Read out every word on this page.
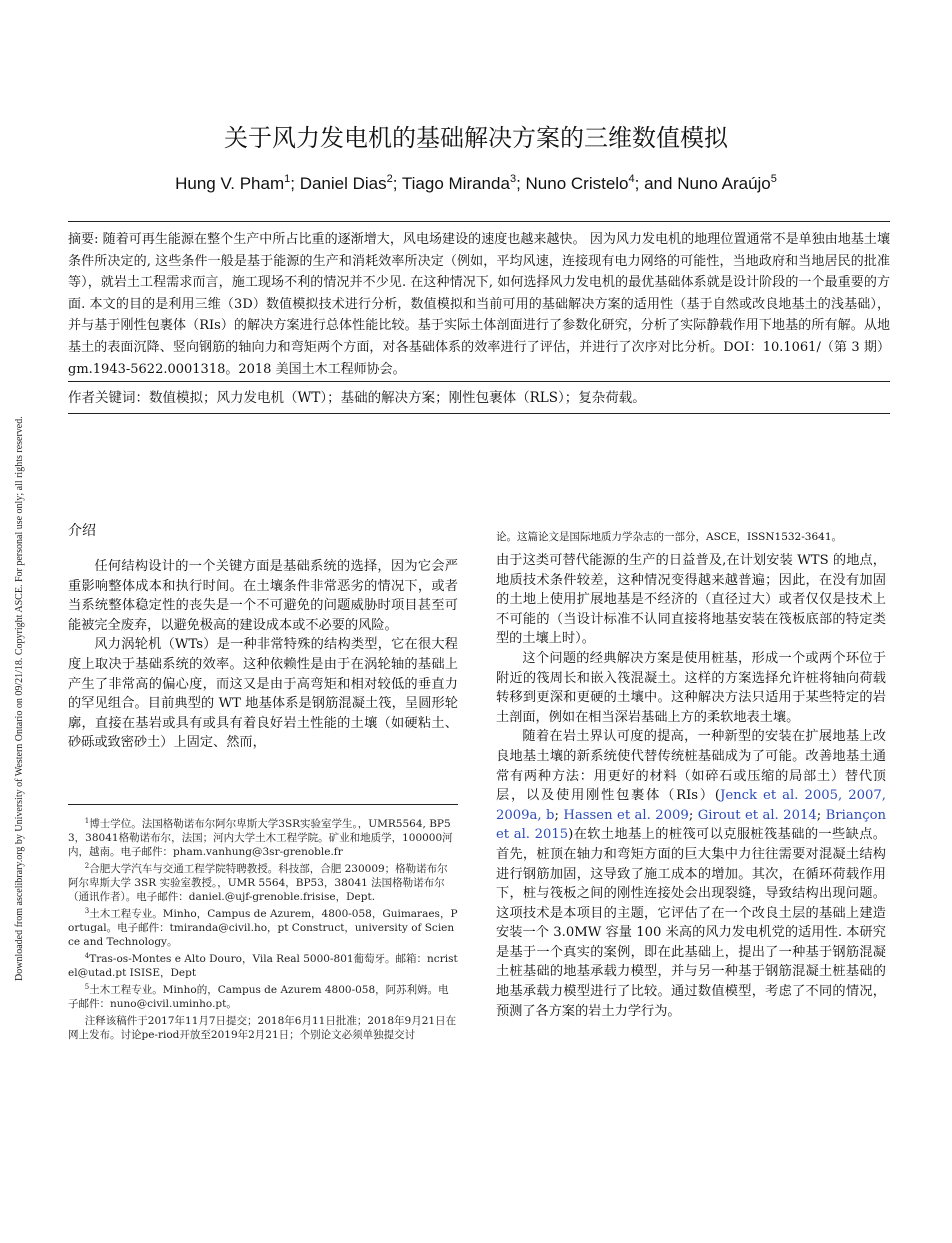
Downloaded from ascelibrary.org by University of Western Ontario on 09/21/18. Copyright ASCE. For personal use only; all rights reserved.
关于风力发电机的基础解决方案的三维数值模拟
Hung V. Pham$^1$; Daniel Dias$^2$; Tiago Miranda$^3$; Nuno Cristelo$^4$; and Nuno Araújo$^5$

摘要: 随着可再生能源在整个生产中所占比重的逐渐增大，风电场建设的速度也越来越快。 因为风力发电机的地理位置通常不是单独由地基土壤条件所决定的, 这些条件一般是基于能源的生产和消耗效率所决定（例如，平均风速，连接现有电力网络的可能性，当地政府和当地居民的批准等），就岩土工程需求而言，施工现场不利的情况并不少见. 在这种情况下, 如何选择风力发电机的最优基础体系就是设计阶段的一个最重要的方面. 本文的目的是利用三维（3D）数值模拟技术进行分析，数值模拟和当前可用的基础解决方案的适用性（基于自然或改良地基土的浅基础），并与基于刚性包裹体（RIs）的解决方案进行总体性能比较。基于实际土体剖面进行了参数化研究，分析了实际静载作用下地基的所有解。从地基土的表面沉降、竖向钢筋的轴向力和弯矩两个方面，对各基础体系的效率进行了评估，并进行了次序对比分析。DOI：10.1061/（第 3 期）gm.1943-5622.0001318。2018 美国土木工程师协会。

作者关键词：数值模拟；风力发电机（WT）；基础的解决方案；刚性包裹体（RLS）；复杂荷载。

介绍

任何结构设计的一个关键方面是基础系统的选择，因为它会严重影响整体成本和执行时间。在土壤条件非常恶劣的情况下，或者当系统整体稳定性的丧失是一个不可避免的问题威胁时项目甚至可能被完全废弃，以避免极高的建设成本或不必要的风险。

风力涡轮机（WTs）是一种非常特殊的结构类型，它在很大程度上取决于基础系统的效率。这种依赖性是由于在涡轮轴的基础上产生了非常高的偏心度，而这又是由于高弯矩和相对较低的垂直力的罕见组合。目前典型的 WT 地基体系是钢筋混凝土筏，呈圆形轮廓，直接在基岩或具有或具有着良好岩土性能的土壤（如硬粘土、砂砾或致密砂土）上固定、然而，

$^1$博士学位。法国格勒诺布尔阿尔卑斯大学3SR实验室学生。，UMR5564, BP53，38041格勒诺布尔，法国；河内大学土木工程学院。矿业和地质学，100000河内，越南。电子邮件：pham.vanhung@3sr-grenoble.fr

$^2$合肥大学汽车与交通工程学院特聘教授。科技部，合肥 230009；格勒诺布尔阿尔卑斯大学 3SR 实验室教授。，UMR 5564，BP53，38041 法国格勒诺布尔（通讯作者）。电子邮件：daniel.@ujf-grenoble.frisise，Dept.

$^3$土木工程专业。Minho，Campus de Azurem，4800-058，Guimaraes，Portugal。电子邮件：tmiranda@civil.ho，pt Construct，university of Science and Technology。

$^4$Tras-os-Montes e Alto Douro，Vila Real 5000-801葡萄牙。邮箱：ncristel@utad.pt ISISE，Dept

$^5$土木工程专业。Minho的，Campus de Azurem 4800-058，阿苏利姆。电子邮件：nuno@civil.uminho.pt。

注释该稿件于2017年11月7日提交；2018年6月11日批准；2018年9月21日在网上发布。讨论pe-riod开放至2019年2月21日；个别论文必须单独提交讨

论。这篇论文是国际地质力学杂志的一部分，ASCE，ISSN1532-3641。

由于这类可替代能源的生产的日益普及,在计划安装 WTS 的地点，地质技术条件较差，这种情况变得越来越普遍；因此，在没有加固的土地上使用扩展地基是不经济的（直径过大）或者仅仅是技术上不可能的（当设计标准不认同直接将地基安装在筏板底部的特定类型的土壤上时）。

这个问题的经典解决方案是使用桩基，形成一个或两个环位于附近的筏周长和嵌入筏混凝土。这样的方案选择允许桩将轴向荷载转移到更深和更硬的土壤中。这种解决方法只适用于某些特定的岩土剖面，例如在相当深岩基础上方的柔软地表土壤。

随着在岩土界认可度的提高，一种新型的安装在扩展地基上改良地基土壤的新系统使代替传统桩基础成为了可能。改善地基土通常有两种方法：用更好的材料（如碎石或压缩的局部土）替代顶层，以及使用刚性包裹体（RIs）(Jenck et al. 2005, 2007, 2009a, b; Hassen et al. 2009; Girout et al. 2014; Briançon et al. 2015)在软土地基上的桩筏可以克服桩筏基础的一些缺点。首先，桩顶在轴力和弯矩方面的巨大集中力往往需要对混凝土结构进行钢筋加固，这导致了施工成本的增加。其次，在循环荷载作用下，桩与筏板之间的刚性连接处会出现裂缝，导致结构出现问题。这项技术是本项目的主题，它评估了在一个改良土层的基础上建造安装一个 3.0MW 容量 100 米高的风力发电机党的适用性. 本研究是基于一个真实的案例，即在此基础上，提出了一种基于钢筋混凝土桩基础的地基承载力模型，并与另一种基于钢筋混凝土桩基础的地基承载力模型进行了比较。通过数值模型，考虑了不同的情况，预测了各方案的岩土力学行为。
